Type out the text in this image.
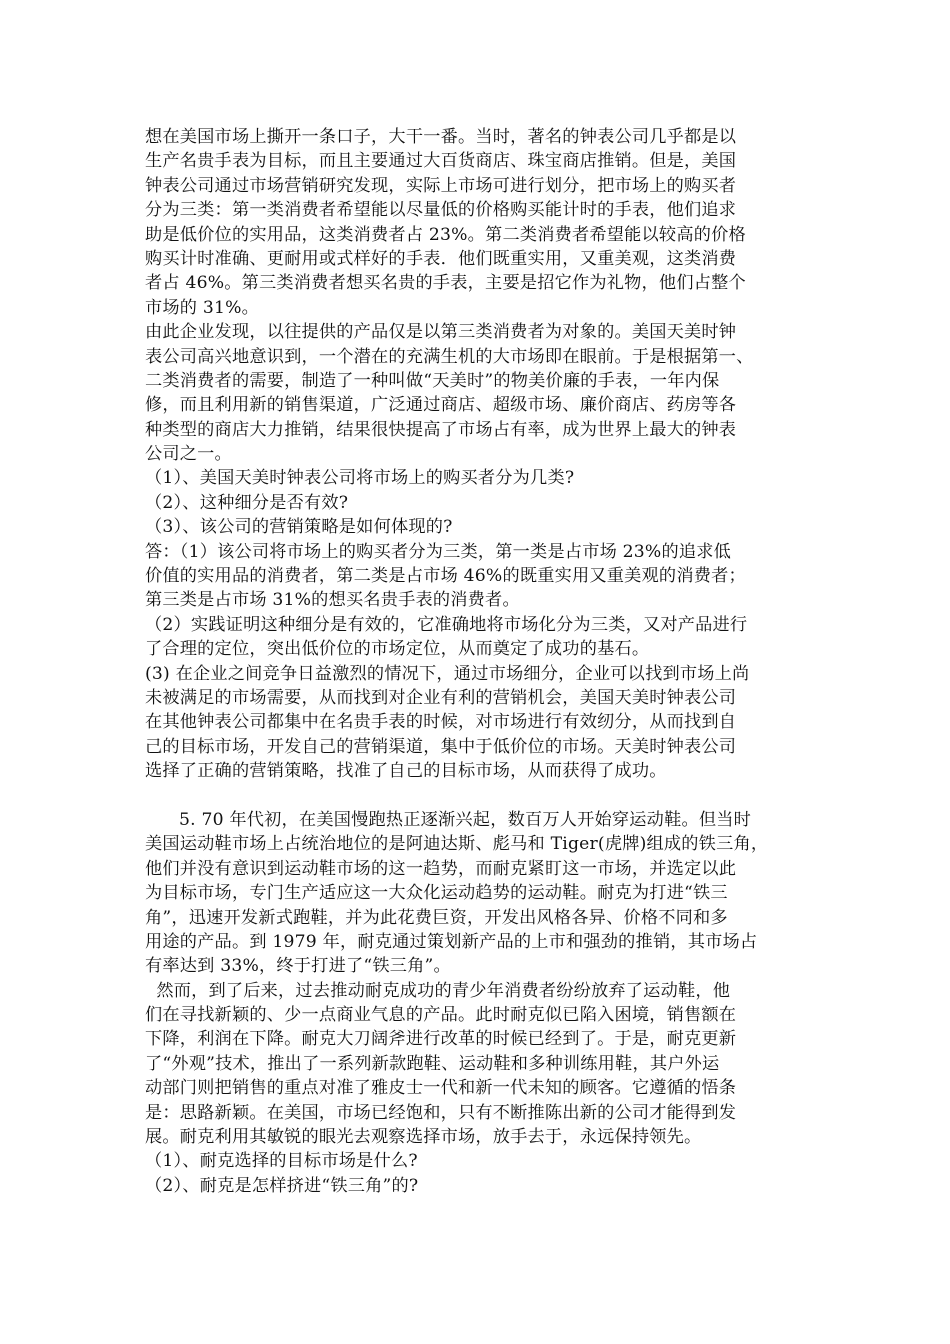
想在美国市场上撕开一条口子，大干一番。当时，著名的钟表公司几乎都是以
生产名贵手表为目标，而且主要通过大百货商店、珠宝商店推销。但是，美国
钟表公司通过市场营销研究发现，实际上市场可进行划分，把市场上的购买者
分为三类：第一类消费者希望能以尽量低的价格购买能计时的手表，他们追求
助是低价位的实用品，这类消费者占 23%。第二类消费者希望能以较高的价格
购买计时准确、更耐用或式样好的手表．他们既重实用，又重美观，这类消费
者占 46%。第三类消费者想买名贵的手表，主要是招它作为礼物，他们占整个
市场的 31%。
由此企业发现，以往提供的产品仅是以第三类消费者为对象的。美国天美时钟
表公司高兴地意识到，一个潜在的充满生机的大市场即在眼前。于是根据第一、
二类消费者的需要，制造了一种叫做“天美时”的物美价廉的手表，一年内保
修，而且利用新的销售渠道，广泛通过商店、超级市场、廉价商店、药房等各
种类型的商店大力推销，结果很快提高了市场占有率，成为世界上最大的钟表
公司之一。
（1）、美国天美时钟表公司将市场上的购买者分为几类?
（2）、这种细分是否有效?
（3）、该公司的营销策略是如何体现的?
答：（1）该公司将市场上的购买者分为三类，第一类是占市场 23%的追求低
价值的实用品的消费者，第二类是占市场 46%的既重实用又重美观的消费者；
第三类是占市场 31%的想买名贵手表的消费者。
（2）实践证明这种细分是有效的，它准确地将市场化分为三类，又对产品进行
了合理的定位，突出低价位的市场定位，从而奠定了成功的基石。
(3) 在企业之间竞争日益激烈的情况下，通过市场细分，企业可以找到市场上尚
未被满足的市场需要，从而找到对企业有利的营销机会，美国天美时钟表公司
在其他钟表公司都集中在名贵手表的时候，对市场进行有效纫分，从而找到自
己的目标市场，开发自己的营销渠道，集中于低价位的市场。天美时钟表公司
选择了正确的营销策略，找准了自己的目标市场，从而获得了成功。
5. 70 年代初，在美国慢跑热正逐渐兴起，数百万人开始穿运动鞋。但当时
美国运动鞋市场上占统治地位的是阿迪达斯、彪马和 Tiger(虎牌)组成的铁三角，
他们并没有意识到运动鞋市场的这一趋势，而耐克紧盯这一市场，并选定以此
为目标市场，专门生产适应这一大众化运动趋势的运动鞋。耐克为打进“铁三
角”，迅速开发新式跑鞋，并为此花费巨资，开发出风格各异、价格不同和多
用途的产品。到 1979 年，耐克通过策划新产品的上市和强劲的推销，其市场占
有率达到 33%，终于打进了“铁三角”。
然而，到了后来，过去推动耐克成功的青少年消费者纷纷放弃了运动鞋，他
们在寻找新颖的、少一点商业气息的产品。此时耐克似已陷入困境，销售额在
下降，利润在下降。耐克大刀阔斧进行改革的时候已经到了。于是，耐克更新
了“外观”技术，推出了一系列新款跑鞋、运动鞋和多种训练用鞋，其户外运
动部门则把销售的重点对准了雅皮士一代和新一代未知的顾客。它遵循的悟条
是：思路新颖。在美国，市场已经饱和，只有不断推陈出新的公司才能得到发
展。耐克利用其敏锐的眼光去观察选择市场，放手去于，永远保持领先。
（1）、耐克选择的目标市场是什么?
（2）、耐克是怎样挤进“铁三角”的?
